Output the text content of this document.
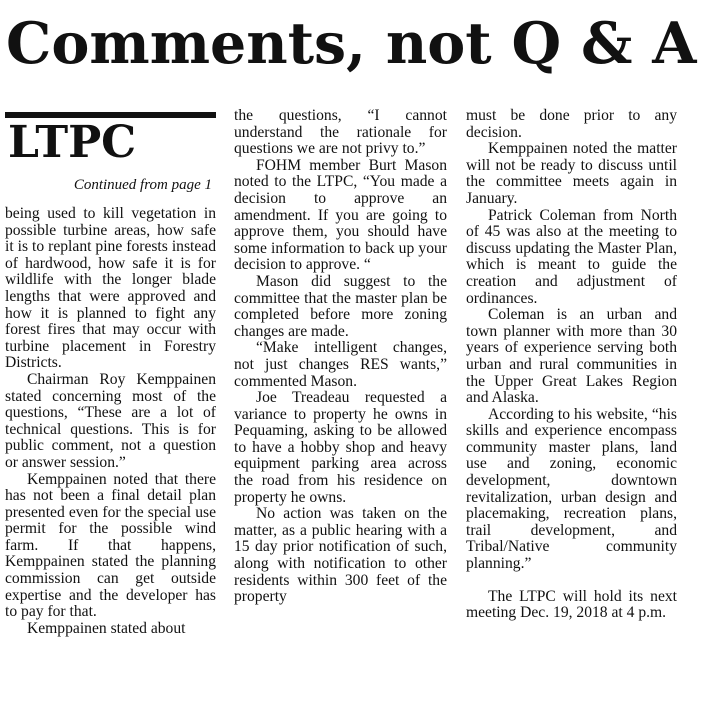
Comments, not Q & A
LTPC
Continued from page 1

being used to kill vegetation in possible turbine areas, how safe it is to replant pine forests instead of hardwood, how safe it is for wildlife with the longer blade lengths that were approved and how it is planned to fight any forest fires that may occur with turbine placement in Forestry Districts.

Chairman Roy Kemppainen stated concerning most of the questions, “These are a lot of technical questions. This is for public comment, not a question or answer session.”

Kemppainen noted that there has not been a final detail plan presented even for the special use permit for the possible wind farm. If that happens, Kemppainen stated the planning commission can get outside expertise and the developer has to pay for that.

Kemppainen stated about

the questions, “I cannot understand the rationale for questions we are not privy to.”

FOHM member Burt Mason noted to the LTPC, “You made a decision to approve an amendment. If you are going to approve them, you should have some information to back up your decision to approve. “

Mason did suggest to the committee that the master plan be completed before more zoning changes are made.

“Make intelligent changes, not just changes RES wants,” commented Mason.

Joe Treadeau requested a variance to property he owns in Pequaming, asking to be allowed to have a hobby shop and heavy equipment parking area across the road from his residence on property he owns.

No action was taken on the matter, as a public hearing with a 15 day prior notification of such, along with notification to other residents within 300 feet of the property

must be done prior to any decision.

Kemppainen noted the matter will not be ready to discuss until the committee meets again in January.

Patrick Coleman from North of 45 was also at the meeting to discuss updating the Master Plan, which is meant to guide the creation and adjustment of ordinances.

Coleman is an urban and town planner with more than 30 years of experience serving both urban and rural communities in the Upper Great Lakes Region and Alaska.

According to his website, “his skills and experience encompass community master plans, land use and zoning, economic development, downtown revitalization, urban design and placemaking, recreation plans, trail development, and Tribal/Native community planning.”

The LTPC will hold its next meeting Dec. 19, 2018 at 4 p.m.
